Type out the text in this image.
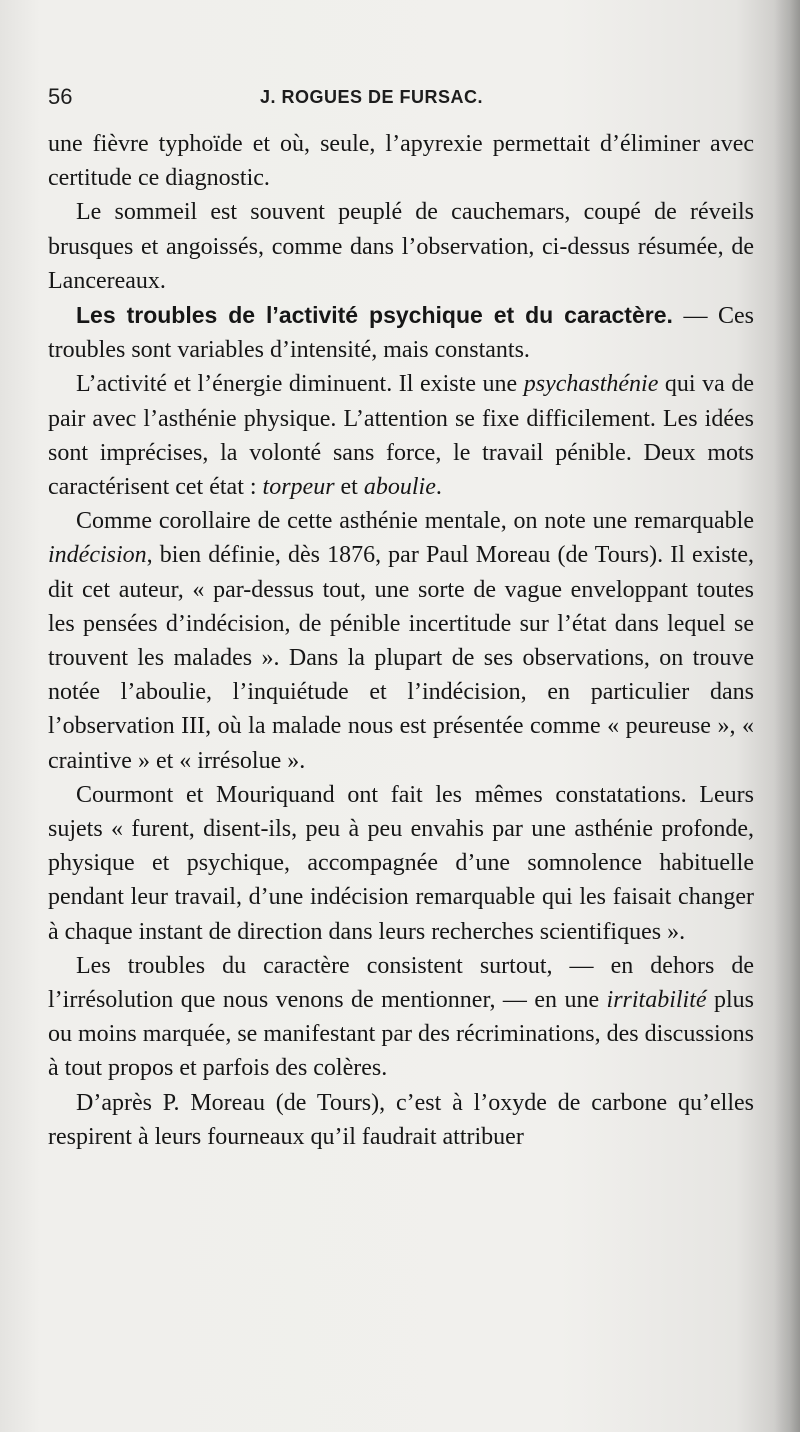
56	J. ROGUES DE FURSAC.

une fièvre typhoïde et où, seule, l’apyrexie permettait d’éliminer avec certitude ce diagnostic.

Le sommeil est souvent peuplé de cauchemars, coupé de réveils brusques et angoissés, comme dans l’observation, ci-dessus résumée, de Lancereaux.

Les troubles de l’activité psychique et du caractère. — Ces troubles sont variables d’intensité, mais constants.

L’activité et l’énergie diminuent. Il existe une psychasthénie qui va de pair avec l’asthénie physique. L’attention se fixe difficilement. Les idées sont imprécises, la volonté sans force, le travail pénible. Deux mots caractérisent cet état : torpeur et aboulie.

Comme corollaire de cette asthénie mentale, on note une remarquable indécision, bien définie, dès 1876, par Paul Moreau (de Tours). Il existe, dit cet auteur, « par-dessus tout, une sorte de vague enveloppant toutes les pensées d’indécision, de pénible incertitude sur l’état dans lequel se trouvent les malades ». Dans la plupart de ses observations, on trouve notée l’aboulie, l’inquiétude et l’indécision, en particulier dans l’observation III, où la malade nous est présentée comme « peureuse », « craintive » et « irrésolue ».

Courmont et Mouriquand ont fait les mêmes constatations. Leurs sujets « furent, disent-ils, peu à peu envahis par une asthénie profonde, physique et psychique, accompagnée d’une somnolence habituelle pendant leur travail, d’une indécision remarquable qui les faisait changer à chaque instant de direction dans leurs recherches scientifiques ».

Les troubles du caractère consistent surtout, — en dehors de l’irrésolution que nous venons de mentionner, — en une irritabilité plus ou moins marquée, se manifestant par des récriminations, des discussions à tout propos et parfois des colères.

D’après P. Moreau (de Tours), c’est à l’oxyde de carbone qu’elles respirent à leurs fourneaux qu’il faudrait attribuer
